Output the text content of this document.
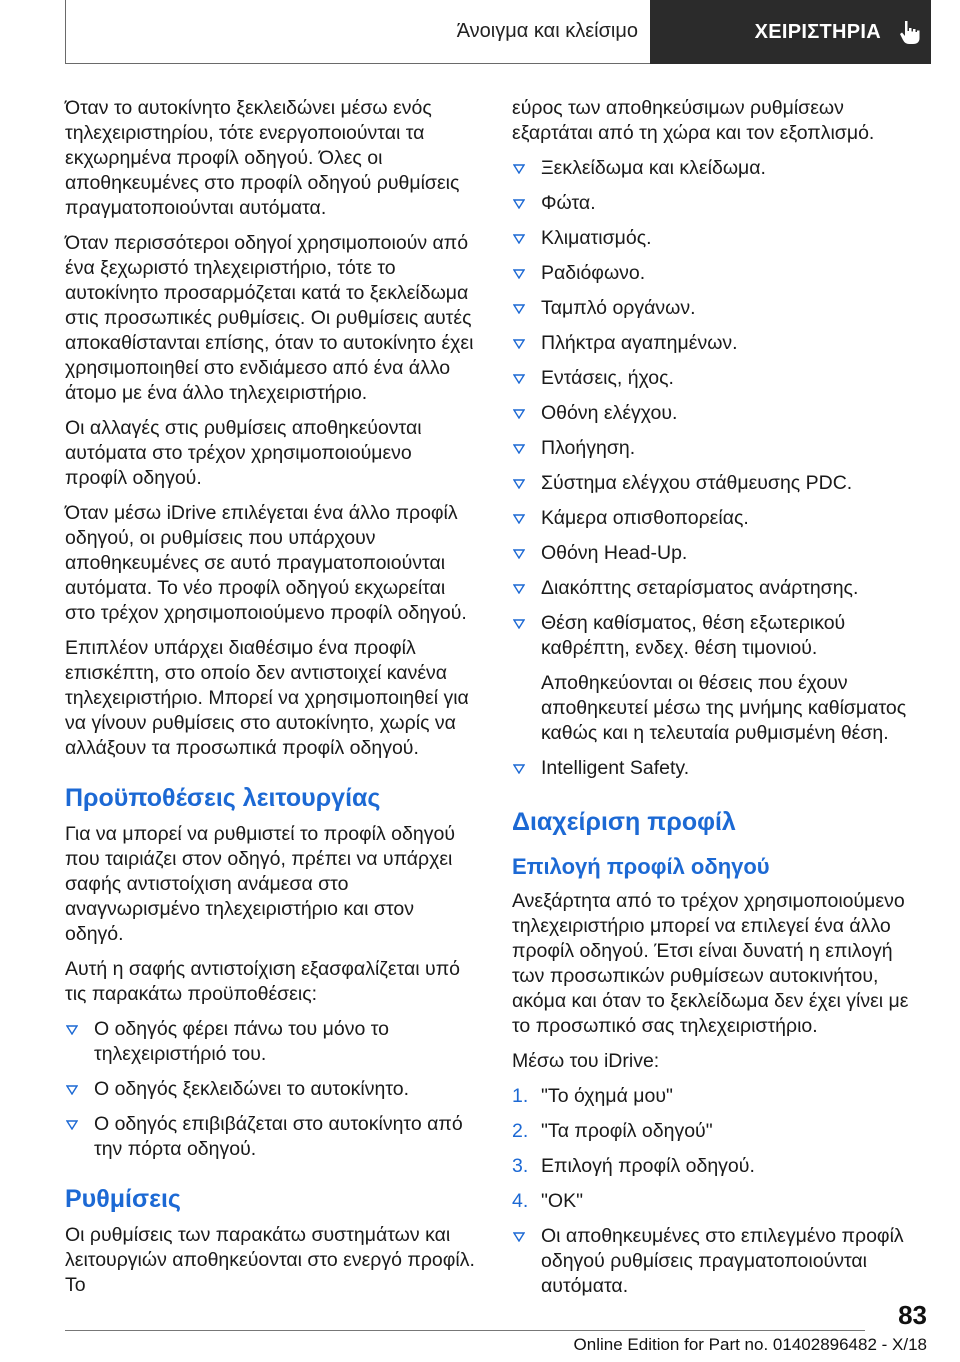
Άνοιγμα και κλείσιμο	ΧΕΙΡΙΣΤΗΡΙΑ

Όταν το αυτοκίνητο ξεκλειδώνει μέσω ενός τηλεχειριστηρίου, τότε ενεργοποιούνται τα εκχωρημένα προφίλ οδηγού. Όλες οι αποθηκευμένες στο προφίλ οδηγού ρυθμίσεις πραγματοποιούνται αυτόματα.

Όταν περισσότεροι οδηγοί χρησιμοποιούν από ένα ξεχωριστό τηλεχειριστήριο, τότε το αυτοκίνητο προσαρμόζεται κατά το ξεκλείδωμα στις προσωπικές ρυθμίσεις. Οι ρυθμίσεις αυτές αποκαθίστανται επίσης, όταν το αυτοκίνητο έχει χρησιμοποιηθεί στο ενδιάμεσο από ένα άλλο άτομο με ένα άλλο τηλεχειριστήριο.

Οι αλλαγές στις ρυθμίσεις αποθηκεύονται αυτόματα στο τρέχον χρησιμοποιούμενο προφίλ οδηγού.

Όταν μέσω iDrive επιλέγεται ένα άλλο προφίλ οδηγού, οι ρυθμίσεις που υπάρχουν αποθηκευμένες σε αυτό πραγματοποιούνται αυτόματα. Το νέο προφίλ οδηγού εκχωρείται στο τρέχον χρησιμοποιούμενο προφίλ οδηγού.

Επιπλέον υπάρχει διαθέσιμο ένα προφίλ επισκέπτη, στο οποίο δεν αντιστοιχεί κανένα τηλεχειριστήριο. Μπορεί να χρησιμοποιηθεί για να γίνουν ρυθμίσεις στο αυτοκίνητο, χωρίς να αλλάξουν τα προσωπικά προφίλ οδηγού.

Προϋποθέσεις λειτουργίας

Για να μπορεί να ρυθμιστεί το προφίλ οδηγού που ταιριάζει στον οδηγό, πρέπει να υπάρχει σαφής αντιστοίχιση ανάμεσα στο αναγνωρισμένο τηλεχειριστήριο και στον οδηγό.

Αυτή η σαφής αντιστοίχιση εξασφαλίζεται υπό τις παρακάτω προϋποθέσεις:

Ο οδηγός φέρει πάνω του μόνο το τηλεχειριστήριό του.
Ο οδηγός ξεκλειδώνει το αυτοκίνητο.
Ο οδηγός επιβιβάζεται στο αυτοκίνητο από την πόρτα οδηγού.
Ρυθμίσεις

Οι ρυθμίσεις των παρακάτω συστημάτων και λειτουργιών αποθηκεύονται στο ενεργό προφίλ. Το

εύρος των αποθηκεύσιμων ρυθμίσεων εξαρτάται από τη χώρα και τον εξοπλισμό.

Ξεκλείδωμα και κλείδωμα.
Φώτα.
Κλιματισμός.
Ραδιόφωνο.
Ταμπλό οργάνων.
Πλήκτρα αγαπημένων.
Εντάσεις, ήχος.
Οθόνη ελέγχου.
Πλοήγηση.
Σύστημα ελέγχου στάθμευσης PDC.
Κάμερα οπισθοπορείας.
Οθόνη Head-Up.
Διακόπτης σεταρίσματος ανάρτησης.
Θέση καθίσματος, θέση εξωτερικού καθρέπτη, ενδεχ. θέση τιμονιού.

Αποθηκεύονται οι θέσεις που έχουν αποθηκευτεί μέσω της μνήμης καθίσματος καθώς και η τελευταία ρυθμισμένη θέση.

Intelligent Safety.
Διαχείριση προφίλ
Επιλογή προφίλ οδηγού

Ανεξάρτητα από το τρέχον χρησιμοποιούμενο τηλεχειριστήριο μπορεί να επιλεγεί ένα άλλο προφίλ οδηγού. Έτσι είναι δυνατή η επιλογή των προσωπικών ρυθμίσεων αυτοκινήτου, ακόμα και όταν το ξεκλείδωμα δεν έχει γίνει με το προσωπικό σας τηλεχειριστήριο.

Μέσω του iDrive:

1. "Το όχημά μου"
2. "Τα προφίλ οδηγού"
3. Επιλογή προφίλ οδηγού.
4. "OK"
Οι αποθηκευμένες στο επιλεγμένο προφίλ οδηγού ρυθμίσεις πραγματοποιούνται αυτόματα.
83
Online Edition for Part no. 01402896482 - X/18
